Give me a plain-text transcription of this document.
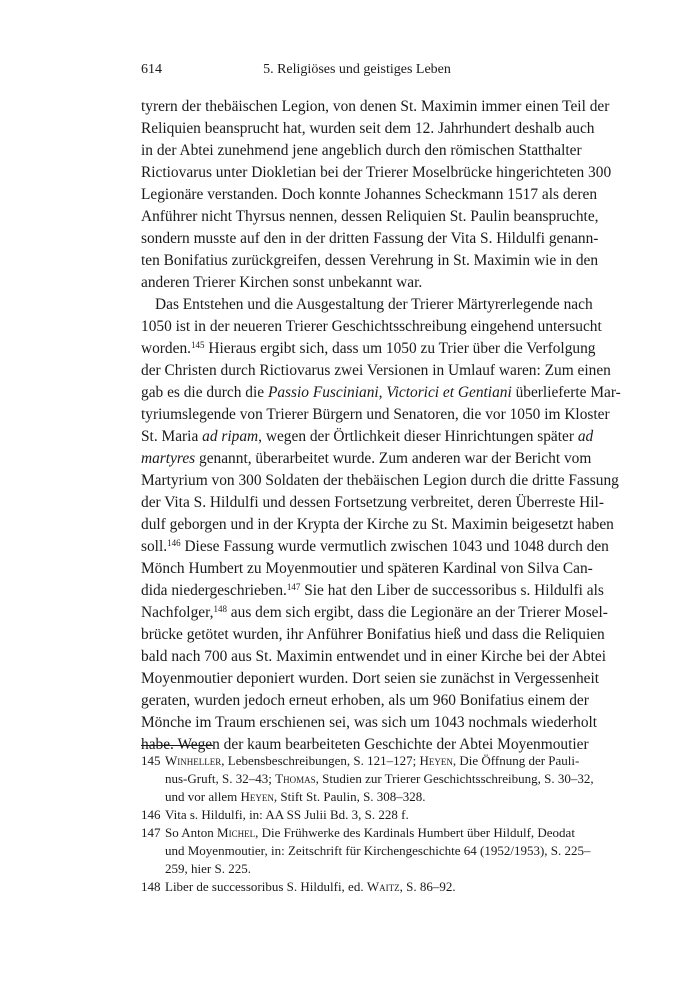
614	5. Religiöses und geistiges Leben
tyrern der thebäischen Legion, von denen St. Maximin immer einen Teil der
Reliquien beansprucht hat, wurden seit dem 12. Jahrhundert deshalb auch
in der Abtei zunehmend jene angeblich durch den römischen Statthalter
Rictiovarus unter Diokletian bei der Trierer Moselbrücke hingerichteten 300
Legionäre verstanden. Doch konnte Johannes Scheckmann 1517 als deren
Anführer nicht Thyrsus nennen, dessen Reliquien St. Paulin beanspruchte,
sondern musste auf den in der dritten Fassung der Vita S. Hildulfi genann-
ten Bonifatius zurückgreifen, dessen Verehrung in St. Maximin wie in den
anderen Trierer Kirchen sonst unbekannt war.
Das Entstehen und die Ausgestaltung der Trierer Märtyrerlegende nach
1050 ist in der neueren Trierer Geschichtsschreibung eingehend untersucht
worden.$^{145}$ Hieraus ergibt sich, dass um 1050 zu Trier über die Verfolgung
der Christen durch Rictiovarus zwei Versionen in Umlauf waren: Zum einen
gab es die durch die Passio Fusciniani, Victorici et Gentiani überlieferte Mar-
tyriumslegende von Trierer Bürgern und Senatoren, die vor 1050 im Kloster
St. Maria ad ripam, wegen der Örtlichkeit dieser Hinrichtungen später ad
martyres genannt, überarbeitet wurde. Zum anderen war der Bericht vom
Martyrium von 300 Soldaten der thebäischen Legion durch die dritte Fassung
der Vita S. Hildulfi und dessen Fortsetzung verbreitet, deren Überreste Hil-
dulf geborgen und in der Krypta der Kirche zu St. Maximin beigesetzt haben
soll.$^{146}$ Diese Fassung wurde vermutlich zwischen 1043 und 1048 durch den
Mönch Humbert zu Moyenmoutier und späteren Kardinal von Silva Can-
dida niedergeschrieben.$^{147}$ Sie hat den Liber de successoribus s. Hildulfi als
Nachfolger,$^{148}$ aus dem sich ergibt, dass die Legionäre an der Trierer Mosel-
brücke getötet wurden, ihr Anführer Bonifatius hieß und dass die Reliquien
bald nach 700 aus St. Maximin entwendet und in einer Kirche bei der Abtei
Moyenmoutier deponiert wurden. Dort seien sie zunächst in Vergessenheit
geraten, wurden jedoch erneut erhoben, als um 960 Bonifatius einem der
Mönche im Traum erschienen sei, was sich um 1043 nochmals wiederholt
habe. Wegen der kaum bearbeiteten Geschichte der Abtei Moyenmoutier
145 Winheller, Lebensbeschreibungen, S. 121–127; Heyen, Die Öffnung der Pauli-
nus-Gruft, S. 32–43; Thomas, Studien zur Trierer Geschichtsschreibung, S. 30–32,
und vor allem Heyen, Stift St. Paulin, S. 308–328.
146 Vita s. Hildulfi, in: AA SS Julii Bd. 3, S. 228 f.
147 So Anton Michel, Die Frühwerke des Kardinals Humbert über Hildulf, Deodat
und Moyenmoutier, in: Zeitschrift für Kirchengeschichte 64 (1952/1953), S. 225–
259, hier S. 225.
148 Liber de successoribus S. Hildulfi, ed. Waitz, S. 86–92.
